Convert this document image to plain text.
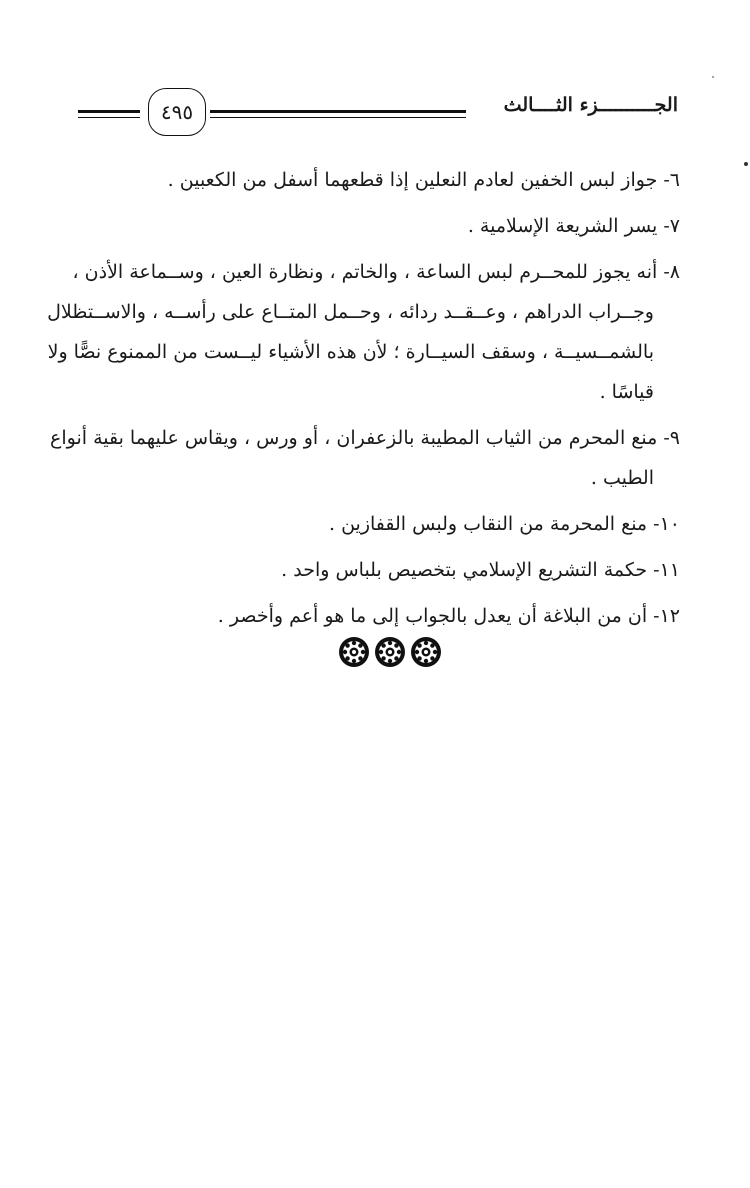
٤٩٥	الجــــــــــزء الثــــالث
٦- جواز لبس الخفين لعادم النعلين إذا قطعهما أسفل من الكعبين .
٧- يسر الشريعة الإسلامية .
٨- أنه يجوز للمحــرم لبس الساعة ، والخاتم ، ونظارة العين ، وســماعة الأذن ،
وجــراب الدراهم ، وعــقــد ردائه ، وحــمل المتــاع على رأســه ، والاســتظلال
بالشمــسيــة ، وسقف السيــارة ؛ لأن هذه الأشياء ليــست من الممنوع نصًّا ولا
قياسًا .
٩- منع المحرم من الثياب المطيبة بالزعفران ، أو ورس ، ويقاس عليهما بقية أنواع
الطيب .
١٠- منع المحرمة من النقاب ولبس القفازين .
١١- حكمة التشريع الإسلامي بتخصيص بلباس واحد .
١٢- أن من البلاغة أن يعدل بالجواب إلى ما هو أعم وأخصر .
